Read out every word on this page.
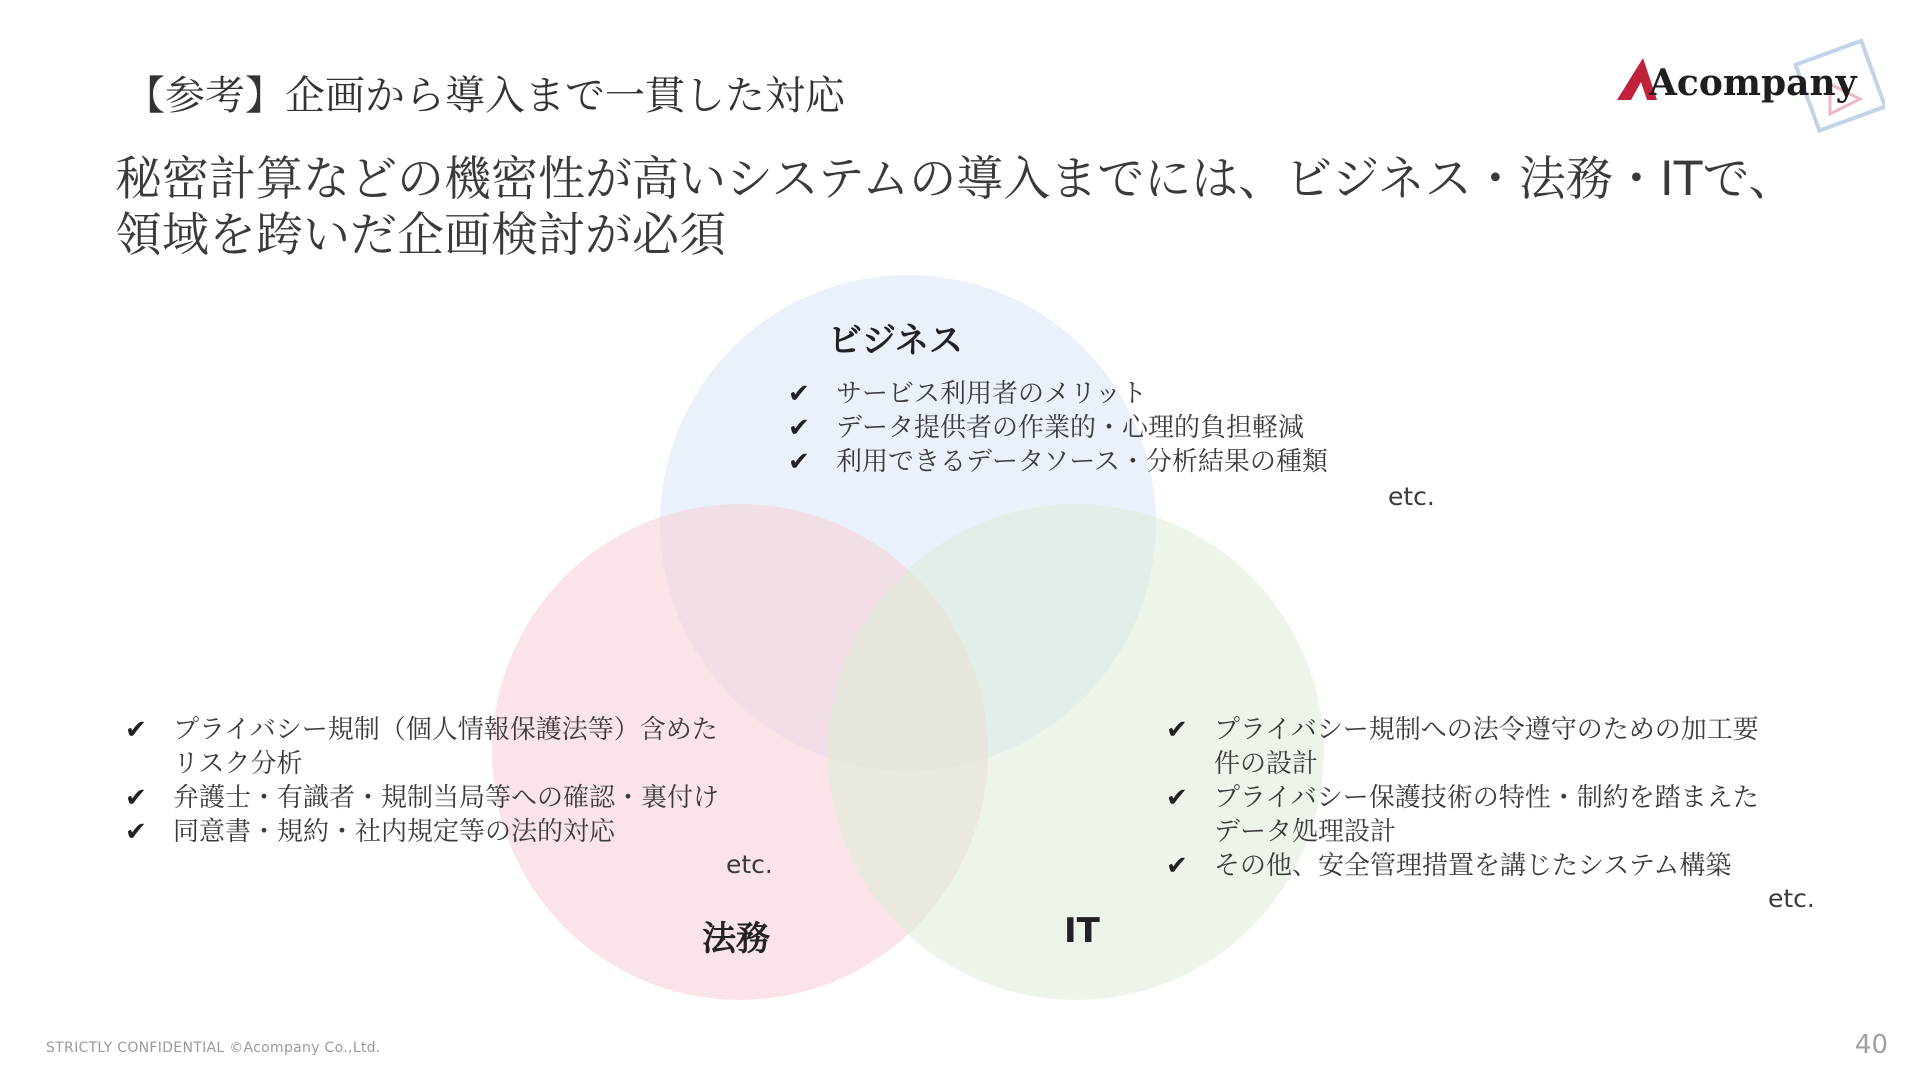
【参考】企画から導入まで一貫した対応	Acompany
秘密計算などの機密性が高いシステムの導入までには、ビジネス・法務・ITで、
領域を跨いだ企画検討が必須
ビジネス
法務	IT
✔ サービス利用者のメリット
✔ データ提供者の作業的・心理的負担軽減
✔ 利用できるデータソース・分析結果の種類
etc.
✔ プライバシー規制（個人情報保護法等）含めた
リスク分析
✔ 弁護士・有識者・規制当局等への確認・裏付け
✔ 同意書・規約・社内規定等の法的対応
etc.
✔ プライバシー規制への法令遵守のための加工要
件の設計
✔ プライバシー保護技術の特性・制約を踏まえた
データ処理設計
✔ その他、安全管理措置を講じたシステム構築
etc.
STRICTLY CONFIDENTIAL ©Acompany Co.,Ltd.	40
